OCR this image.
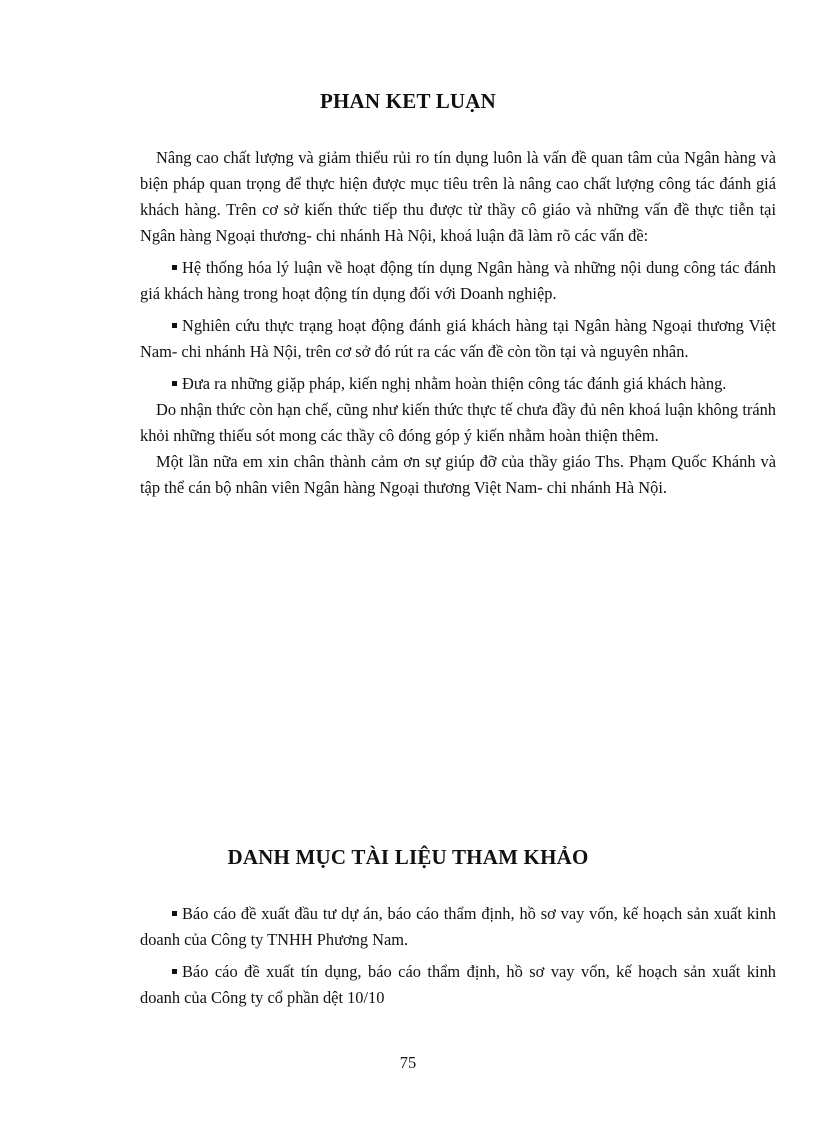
PHAN KET LUẠN

Nâng cao chất lượng và giảm thiểu rủi ro tín dụng luôn là vấn đề quan tâm của Ngân hàng và biện pháp quan trọng để thực hiện được mục tiêu trên là nâng cao chất lượng công tác đánh giá khách hàng. Trên cơ sở kiến thức tiếp thu được từ thầy cô giáo và những vấn đề thực tiễn tại Ngân hàng Ngoại thương- chi nhánh Hà Nội, khoá luận đã làm rõ các vấn đề:

Hệ thống hóa lý luận về hoạt động tín dụng Ngân hàng và những nội dung công tác đánh giá khách hàng trong hoạt động tín dụng đối với Doanh nghiệp.

Nghiên cứu thực trạng hoạt động đánh giá khách hàng tại Ngân hàng Ngoại thương Việt Nam- chi nhánh Hà Nội, trên cơ sở đó rút ra các vấn đề còn tồn tại và nguyên nhân.

Đưa ra những giặp pháp, kiến nghị nhằm hoàn thiện công tác đánh giá khách hàng.

Do nhận thức còn hạn chế, cũng như kiến thức thực tế chưa đầy đủ nên khoá luận không tránh khỏi những thiếu sót mong các thầy cô đóng góp ý kiến nhằm hoàn thiện thêm.

Một lần nữa em xin chân thành cảm ơn sự giúp đỡ của thầy giáo Ths. Phạm Quốc Khánh và tập thể cán bộ nhân viên Ngân hàng Ngoại thương Việt Nam- chi nhánh Hà Nội.

DANH MỤC TÀI LIỆU THAM KHẢO

Báo cáo đề xuất đầu tư dự án, báo cáo thẩm định, hồ sơ vay vốn, kế hoạch sản xuất kinh doanh của Công ty TNHH Phương Nam.

Báo cáo đề xuất tín dụng, báo cáo thẩm định, hồ sơ vay vốn, kế hoạch sản xuất kinh doanh của Công ty cổ phần dệt 10/10

75
